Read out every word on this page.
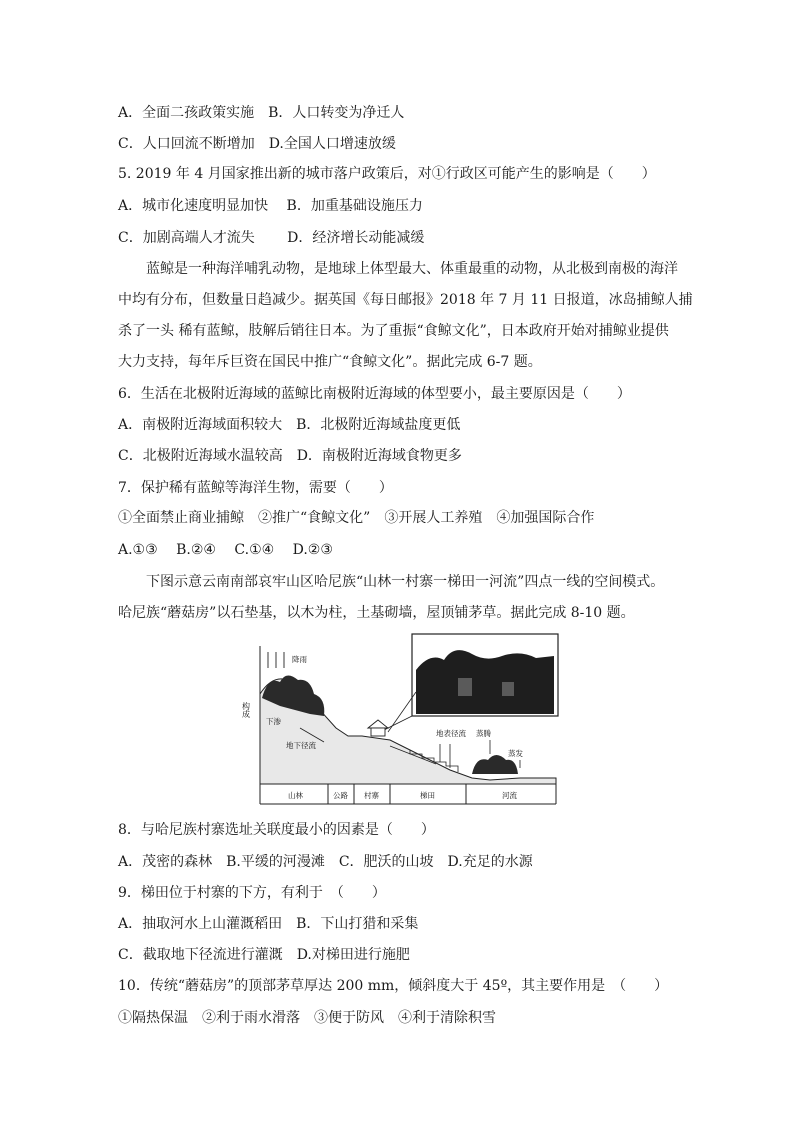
A．全面二孩政策实施　B．人口转变为净迁人
C．人口回流不断增加　D.全国人口增速放缓
5. 2019 年 4 月国家推出新的城市落户政策后，对①行政区可能产生的影响是（　　）
A．城市化速度明显加快　 B．加重基础设施压力
C．加剧高端人才流失　　 D．经济增长动能减缓
蓝鲸是一种海洋哺乳动物，是地球上体型最大、体重最重的动物，从北极到南极的海洋
中均有分布，但数量日趋减少。据英国《每日邮报》2018 年 7 月 11 日报道，冰岛捕鲸人捕
杀了一头 稀有蓝鲸，肢解后销往日本。为了重振“食鲸文化”，日本政府开始对捕鲸业提供
大力支持，每年斥巨资在国民中推广“食鲸文化”。据此完成 6-7 题。
6．生活在北极附近海域的蓝鲸比南极附近海域的体型要小，最主要原因是（　　）
A．南极附近海域面积较大　B．北极附近海域盐度更低
C．北极附近海域水温较高　D．南极附近海域食物更多
7．保护稀有蓝鲸等海洋生物，需要（　　）
①全面禁止商业捕鲸　②推广“食鲸文化”　③开展人工养殖　④加强国际合作
A.①③　 B.②④　 C.①④　 D.②③
下图示意云南南部哀牢山区哈尼族“山林一村寨一梯田一河流”四点一线的空间模式。
哈尼族“蘑菇房”以石垫基，以木为柱，土基砌墙，屋顶铺茅草。据此完成 8-10 题。
构成
降雨
下渗
地下径流
地表径流 蒸腾
蒸发
山林	公路 村寨	梯田	河流
8．与哈尼族村寨选址关联度最小的因素是（　　）
A．茂密的森林　B.平缓的河漫滩　C．肥沃的山坡　D.充足的水源
9．梯田位于村寨的下方，有利于　（　　）
A．抽取河水上山灌溉稻田　B．下山打猎和采集
C．截取地下径流进行灌溉　D.对梯田进行施肥
10．传统“蘑菇房”的顶部茅草厚达 200 mm，倾斜度大于 45º，其主要作用是　（　　）
①隔热保温　②利于雨水滑落　③便于防风　④利于清除积雪
